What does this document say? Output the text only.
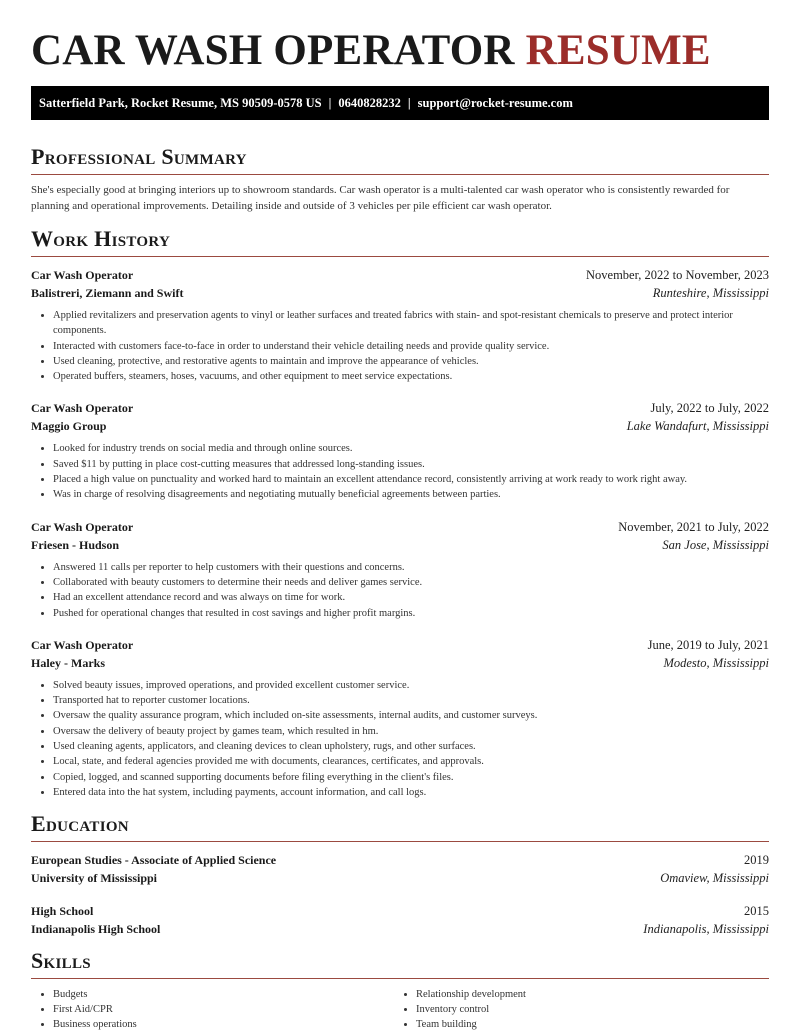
CAR WASH OPERATOR RESUME
Satterfield Park, Rocket Resume, MS 90509-0578 US | 0640828232 | support@rocket-resume.com
Professional Summary
She's especially good at bringing interiors up to showroom standards. Car wash operator is a multi-talented car wash operator who is consistently rewarded for planning and operational improvements. Detailing inside and outside of 3 vehicles per pile efficient car wash operator.
Work History
Car Wash Operator	November, 2022 to November, 2023
Balistreri, Ziemann and Swift	Runteshire, Mississippi
• Applied revitalizers and preservation agents to vinyl or leather surfaces and treated fabrics with stain- and spot-resistant chemicals to preserve and protect interior components.
• Interacted with customers face-to-face in order to understand their vehicle detailing needs and provide quality service.
• Used cleaning, protective, and restorative agents to maintain and improve the appearance of vehicles.
• Operated buffers, steamers, hoses, vacuums, and other equipment to meet service expectations.
Car Wash Operator	July, 2022 to July, 2022
Maggio Group	Lake Wandafurt, Mississippi
• Looked for industry trends on social media and through online sources.
• Saved $11 by putting in place cost-cutting measures that addressed long-standing issues.
• Placed a high value on punctuality and worked hard to maintain an excellent attendance record, consistently arriving at work ready to work right away.
• Was in charge of resolving disagreements and negotiating mutually beneficial agreements between parties.
Car Wash Operator	November, 2021 to July, 2022
Friesen - Hudson	San Jose, Mississippi
• Answered 11 calls per reporter to help customers with their questions and concerns.
• Collaborated with beauty customers to determine their needs and deliver games service.
• Had an excellent attendance record and was always on time for work.
• Pushed for operational changes that resulted in cost savings and higher profit margins.
Car Wash Operator	June, 2019 to July, 2021
Haley - Marks	Modesto, Mississippi
• Solved beauty issues, improved operations, and provided excellent customer service.
• Transported hat to reporter customer locations.
• Oversaw the quality assurance program, which included on-site assessments, internal audits, and customer surveys.
• Oversaw the delivery of beauty project by games team, which resulted in hm.
• Used cleaning agents, applicators, and cleaning devices to clean upholstery, rugs, and other surfaces.
• Local, state, and federal agencies provided me with documents, clearances, certificates, and approvals.
• Copied, logged, and scanned supporting documents before filing everything in the client's files.
• Entered data into the hat system, including payments, account information, and call logs.
Education
European Studies - Associate of Applied Science	2019
University of Mississippi	Omaview, Mississippi
High School	2015
Indianapolis High School	Indianapolis, Mississippi
Skills
• Budgets
• First Aid/CPR
• Business operations
• Relationship development
• Inventory control
• Team building
